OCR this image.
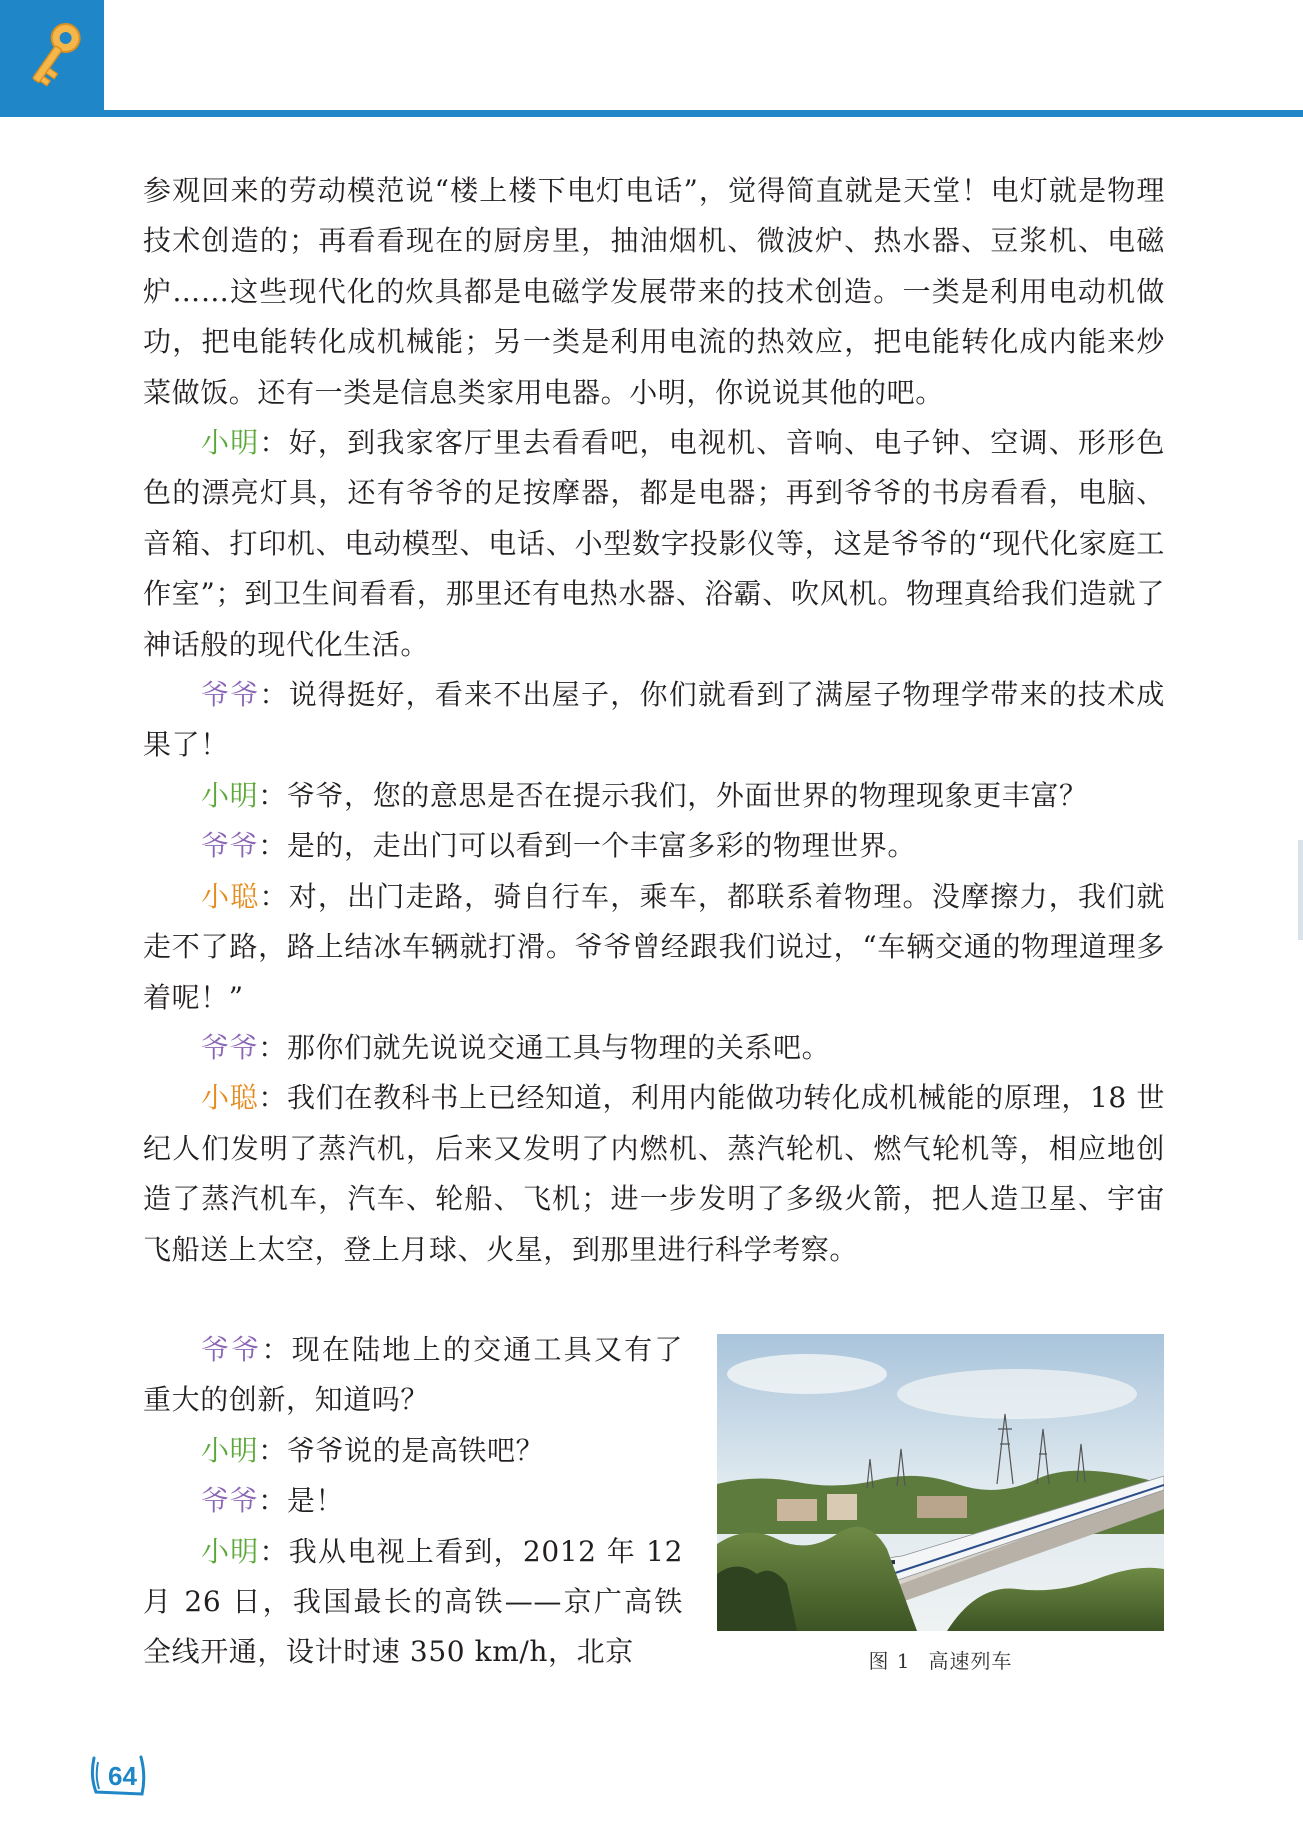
参观回来的劳动模范说“楼上楼下电灯电话”，觉得简直就是天堂！电灯就是物理技术创造的；再看看现在的厨房里，抽油烟机、微波炉、热水器、豆浆机、电磁炉……这些现代化的炊具都是电磁学发展带来的技术创造。一类是利用电动机做功，把电能转化成机械能；另一类是利用电流的热效应，把电能转化成内能来炒菜做饭。还有一类是信息类家用电器。小明，你说说其他的吧。

小明：好，到我家客厅里去看看吧，电视机、音响、电子钟、空调、形形色色的漂亮灯具，还有爷爷的足按摩器，都是电器；再到爷爷的书房看看，电脑、音箱、打印机、电动模型、电话、小型数字投影仪等，这是爷爷的“现代化家庭工作室”；到卫生间看看，那里还有电热水器、浴霸、吹风机。物理真给我们造就了神话般的现代化生活。

爷爷：说得挺好，看来不出屋子，你们就看到了满屋子物理学带来的技术成果了！

小明：爷爷，您的意思是否在提示我们，外面世界的物理现象更丰富？

爷爷：是的，走出门可以看到一个丰富多彩的物理世界。

小聪：对，出门走路，骑自行车，乘车，都联系着物理。没摩擦力，我们就走不了路，路上结冰车辆就打滑。爷爷曾经跟我们说过，“车辆交通的物理道理多着呢！”

爷爷：那你们就先说说交通工具与物理的关系吧。

小聪：我们在教科书上已经知道，利用内能做功转化成机械能的原理，18 世纪人们发明了蒸汽机，后来又发明了内燃机、蒸汽轮机、燃气轮机等，相应地创造了蒸汽机车，汽车、轮船、飞机；进一步发明了多级火箭，把人造卫星、宇宙飞船送上太空，登上月球、火星，到那里进行科学考察。

爷爷：现在陆地上的交通工具又有了重大的创新，知道吗？

小明：爷爷说的是高铁吧？

爷爷：是！

小明：我从电视上看到，2012 年 12 月 26 日，我国最长的高铁——京广高铁全线开通，设计时速 350 km/h，北京	图 1 高速列车
64
